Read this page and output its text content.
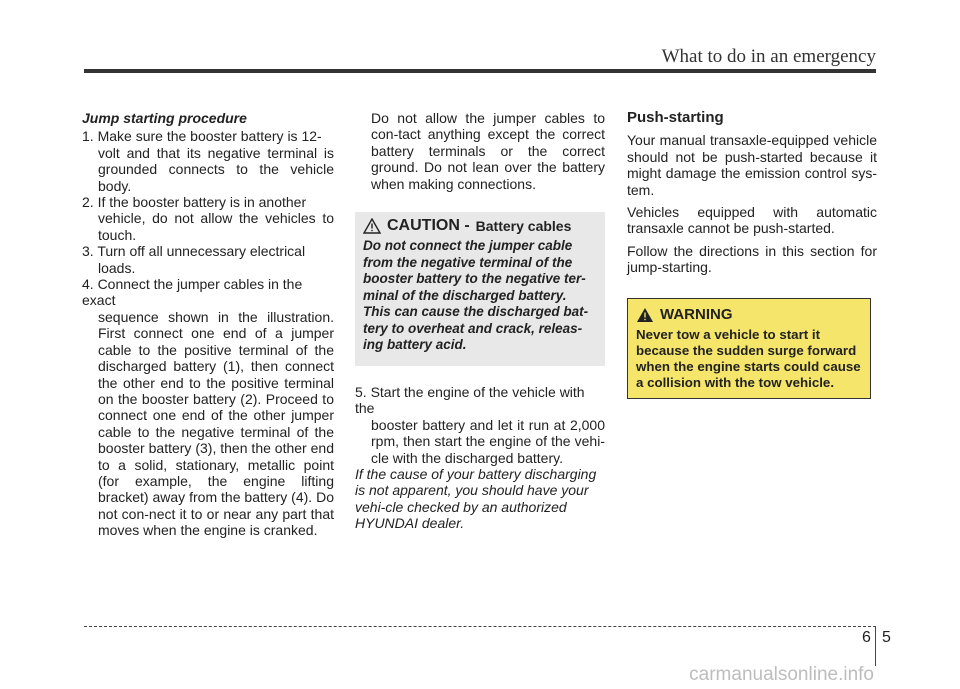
What to do in an emergency
Jump starting procedure
1. Make sure the booster battery is 12-
volt and that its negative terminal is grounded connects to the vehicle body.
2. If the booster battery is in another
vehicle, do not allow the vehicles to touch.
3. Turn off all unnecessary electrical
loads.
4. Connect the jumper cables in the exact
sequence shown in the illustration. First connect one end of a jumper cable to the positive terminal of the discharged battery (1), then connect the other end to the positive terminal on the booster battery (2). Proceed to connect one end of the other jumper cable to the negative terminal of the booster battery (3), then the other end to a solid, stationary, metallic point (for example, the engine lifting bracket) away from the battery (4). Do not con-nect it to or near any part that moves when the engine is cranked.
Do not allow the jumper cables to con-tact anything except the correct battery terminals or the correct ground. Do not lean over the battery when making connections.
CAUTION - Battery cables
Do not connect the jumper cable from the negative terminal of the booster battery to the negative ter-minal of the discharged battery. This can cause the discharged bat-tery to overheat and crack, releas-ing battery acid.
5. Start the engine of the vehicle with the
booster battery and let it run at 2,000 rpm, then start the engine of the vehi-cle with the discharged battery.
If the cause of your battery discharging is not apparent, you should have your vehi-cle checked by an authorized HYUNDAI dealer.
Push-starting

Your manual transaxle-equipped vehicle should not be push-started because it might damage the emission control sys-tem.

Vehicles equipped with automatic transaxle cannot be push-started.

Follow the directions in this section for jump-starting.

WARNING
Never tow a vehicle to start it because the sudden surge forward when the engine starts could cause a collision with the tow vehicle.
6 5
carmanualsonline.info
